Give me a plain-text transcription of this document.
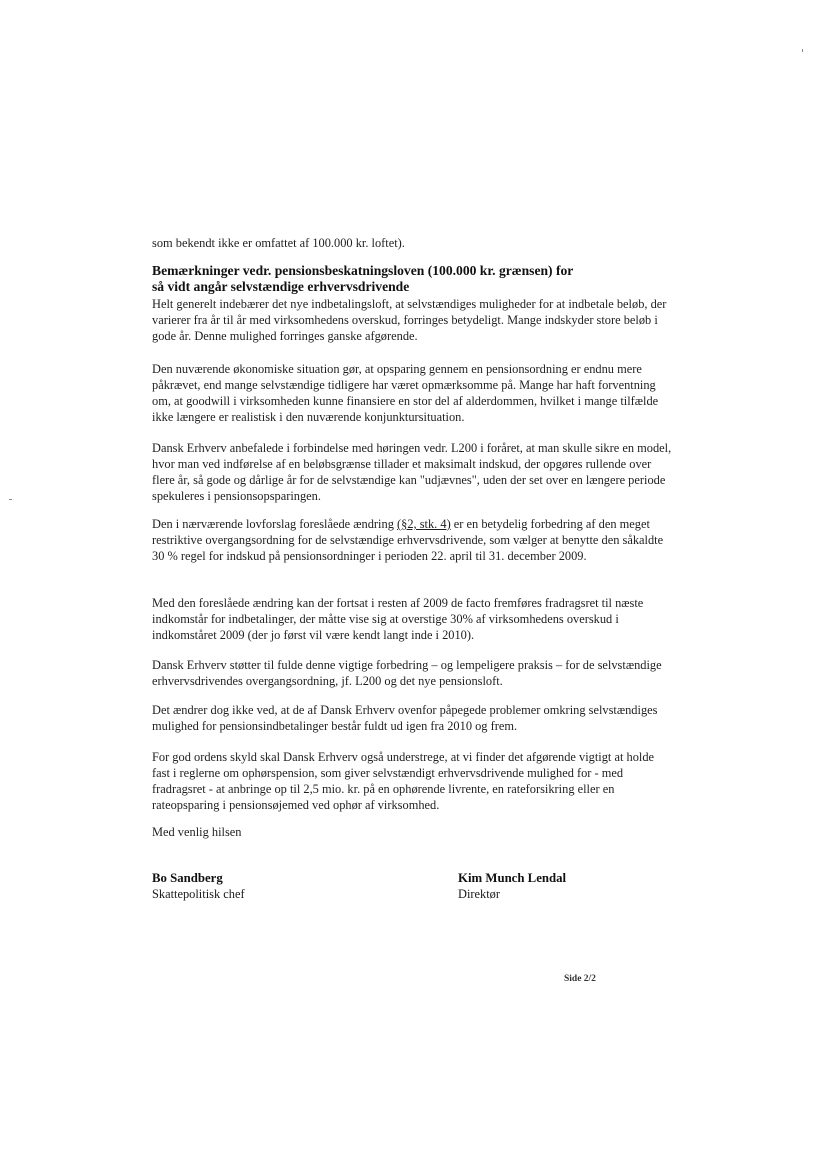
som bekendt ikke er omfattet af 100.000 kr. loftet).

Bemærkninger vedr. pensionsbeskatningsloven (100.000 kr. grænsen) for
så vidt angår selvstændige erhvervsdrivende

Helt generelt indebærer det nye indbetalingsloft, at selvstændiges muligheder for at indbetale beløb, der varierer fra år til år med virksomhedens overskud, forringes betydeligt. Mange indskyder store beløb i gode år. Denne mulighed forringes ganske afgørende.

Den nuværende økonomiske situation gør, at opsparing gennem en pensionsordning er endnu mere påkrævet, end mange selvstændige tidligere har været opmærksomme på. Mange har haft forventning om, at goodwill i virksomheden kunne finansiere en stor del af alderdommen, hvilket i mange tilfælde ikke længere er realistisk i den nuværende konjunktursituation.

Dansk Erhverv anbefalede i forbindelse med høringen vedr. L200 i foråret, at man skulle sikre en model, hvor man ved indførelse af en beløbsgrænse tillader et maksimalt indskud, der opgøres rullende over flere år, så gode og dårlige år for de selvstændige kan "udjævnes", uden der set over en længere periode spekuleres i pensionsopsparingen.

Den i nærværende lovforslag foreslåede ændring (§2, stk. 4) er en betydelig forbedring af den meget restriktive overgangsordning for de selvstændige erhvervsdrivende, som vælger at benytte den såkaldte 30 % regel for indskud på pensionsordninger i perioden 22. april til 31. december 2009.

Med den foreslåede ændring kan der fortsat i resten af 2009 de facto fremføres fradragsret til næste indkomstår for indbetalinger, der måtte vise sig at overstige 30% af virksomhedens overskud i indkomståret 2009 (der jo først vil være kendt langt inde i 2010).

Dansk Erhverv støtter til fulde denne vigtige forbedring – og lempeligere praksis – for de selvstændige erhvervsdrivendes overgangsordning, jf. L200 og det nye pensionsloft.

Det ændrer dog ikke ved, at de af Dansk Erhverv ovenfor påpegede problemer omkring selvstændiges mulighed for pensionsindbetalinger består fuldt ud igen fra 2010 og frem.

For god ordens skyld skal Dansk Erhverv også understrege, at vi finder det afgørende vigtigt at holde fast i reglerne om ophørspension, som giver selvstændigt erhvervsdrivende mulighed for - med fradragsret - at anbringe op til 2,5 mio. kr. på en ophørende livrente, en rateforsikring eller en rateopsparing i pensionsøjemed ved ophør af virksomhed.

Med venlig hilsen

Bo Sandberg
Skattepolitisk chef
Kim Munch Lendal
Direktør
Side 2/2
